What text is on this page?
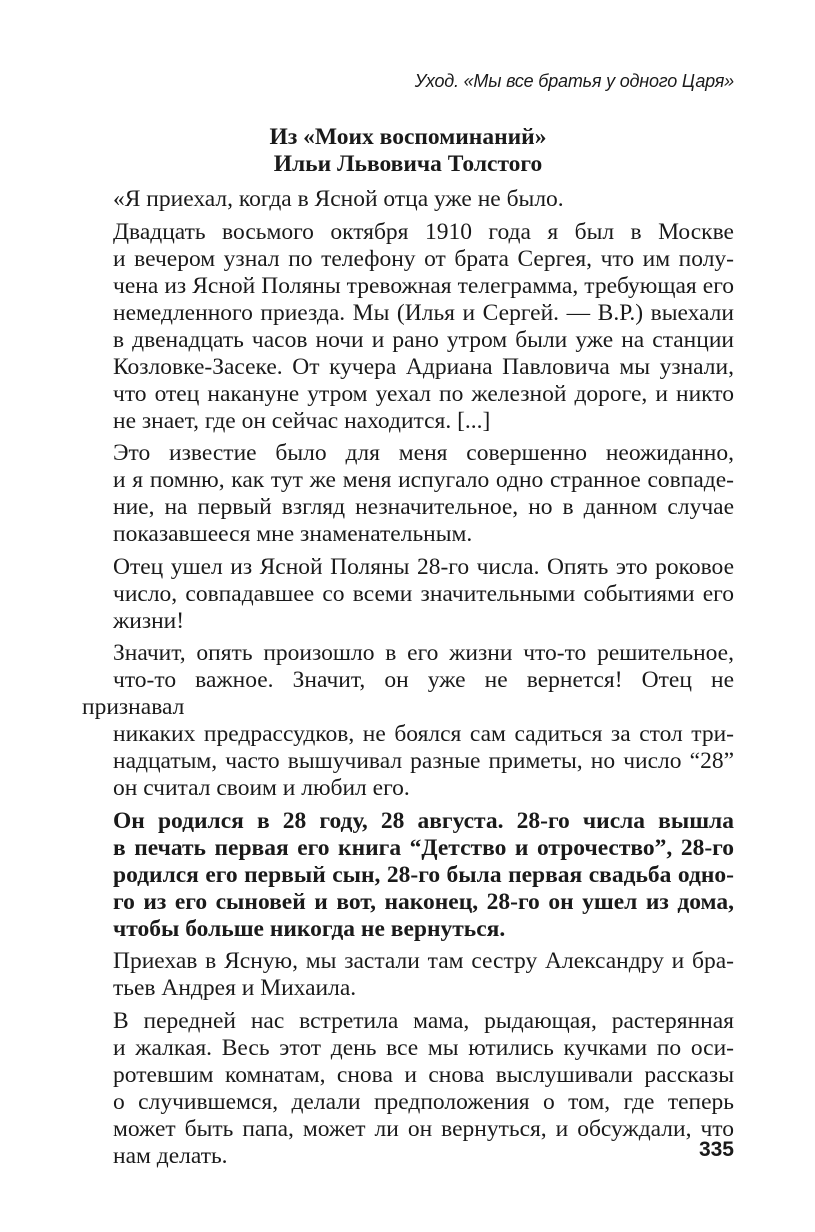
Уход. «Мы все братья у одного Царя»
Из «Моих воспоминаний»
Ильи Львовича Толстого
«Я приехал, когда в Ясной отца уже не было.
Двадцать восьмого октября 1910 года я был в Москве
и вечером узнал по телефону от брата Сергея, что им полу-
чена из Ясной Поляны тревожная телеграмма, требующая его
немедленного приезда. Мы (Илья и Сергей. — В.Р.) выехали
в двенадцать часов ночи и рано утром были уже на станции
Козловке-Засеке. От кучера Адриана Павловича мы узнали,
что отец накануне утром уехал по железной дороге, и никто
не знает, где он сейчас находится. [...]
Это известие было для меня совершенно неожиданно,
и я помню, как тут же меня испугало одно странное совпаде-
ние, на первый взгляд незначительное, но в данном случае
показавшееся мне знаменательным.
Отец ушел из Ясной Поляны 28-го числа. Опять это роковое
число, совпадавшее со всеми значительными событиями его
жизни!
Значит, опять произошло в его жизни что-то решительное,
что-то важное. Значит, он уже не вернется! Отец не признавал
никаких предрассудков, не боялся сам садиться за стол три-
надцатым, часто вышучивал разные приметы, но число “28”
он считал своим и любил его.
Он родился в 28 году, 28 августа. 28-го числа вышла
в печать первая его книга “Детство и отрочество”, 28-го
родился его первый сын, 28-го была первая свадьба одно-
го из его сыновей и вот, наконец, 28-го он ушел из дома,
чтобы больше никогда не вернуться.
Приехав в Ясную, мы застали там сестру Александру и бра-
тьев Андрея и Михаила.
В передней нас встретила мама, рыдающая, растерянная
и жалкая. Весь этот день все мы ютились кучками по оси-
ротевшим комнатам, снова и снова выслушивали рассказы
о случившемся, делали предположения о том, где теперь
может быть папа, может ли он вернуться, и обсуждали, что
нам делать.	335
